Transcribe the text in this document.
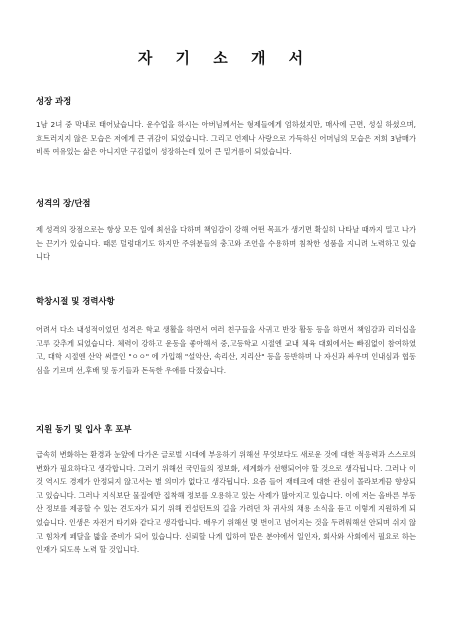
자 기 소 개 서

성장 과정

1남 2녀 중 막내로 태어났습니다. 운수업을 하시는 아버님께서는 형제들에게 엄하셨지만, 매사에 근면, 성실 하셨으며, 흐트러지지 않은 모습은 저에게 큰 귀감이 되었습니다. 그리고 언제나 사랑으로 가득하신 어머님의 모습은 저희 3남매가 비록 여유있는 삶은 아니지만 구김없이 성장하는데 있어 큰 밑거름이 되었습니다.

성격의 장/단점

제 성격의 장점으로는 항상 모든 일에 최선을 다하며 책임감이 강해 어떤 목표가 생기면 확실히 나타날 때까지 밀고 나가는 끈기가 있습니다. 때론 덜렁대기도 하지만 주위분들의 충고와 조언을 수용하며 침착한 성품을 지니려 노력하고 있습니다

학창시절 및 경력사항

어려서 다소 내성적이었던 성격은 학교 생활을 하면서 여러 친구들을 사귀고 반장 활동 등을 하면서 책임감과 리더십을 고루 갖추게 되었습니다. 체력이 강하고 운동을 좋아해서 중,고등학교 시절엔 교내 체육 대회에서는 빠짐없이 참여하였고, 대학 시절엔 산악 써클인 "ㅇㅇ" 에 가입해 "설악산, 속리산, 지리산" 등을 등반하며 나 자신과 싸우며 인내심과 협동심을 기르며 선,후배 및 동기들과 돈독한 우애를 다졌습니다.

지원 동기 및 입사 후 포부

급속히 변화하는 환경과 눈앞에 다가온 글로벌 시대에 부응하기 위해선 무엇보다도 새로운 것에 대한 적응력과 스스로의 변화가 필요하다고 생각합니다. 그러기 위해선 국민들의 정보화, 세계화가 선행되어야 할 것으로 생각됩니다. 그러나 이것 역시도 경제가 안정되지 않고서는 별 의미가 없다고 생각됩니다. 요즘 들어 재테크에 대한 관심이 몰라보게끔 향상되고 있습니다. 그러나 지식보단 물질에만 집착해 정보를 오용하고 있는 사례가 많아지고 있습니다. 이에 저는 올바른 부동산 정보를 제공할 수 있는 견도자가 되기 위해 컨설턴트의 길을 가려던 차 귀사의 채용 소식을 듣고 이렇게 지원하게 되었습니다. 인생은 자전거 타기와 같다고 생각합니다. 배우기 위해선 몇 번이고 넘어지는 것을 두려워해선 안되며 쉬지 않고 힘차게 페달을 밟을 준비가 되어 있습니다. 신뢰할 나게 입하여 맡은 분야에서 일인자, 회사와 사회에서 필요로 하는 인재가 되도록 노력 할 것입니다.
